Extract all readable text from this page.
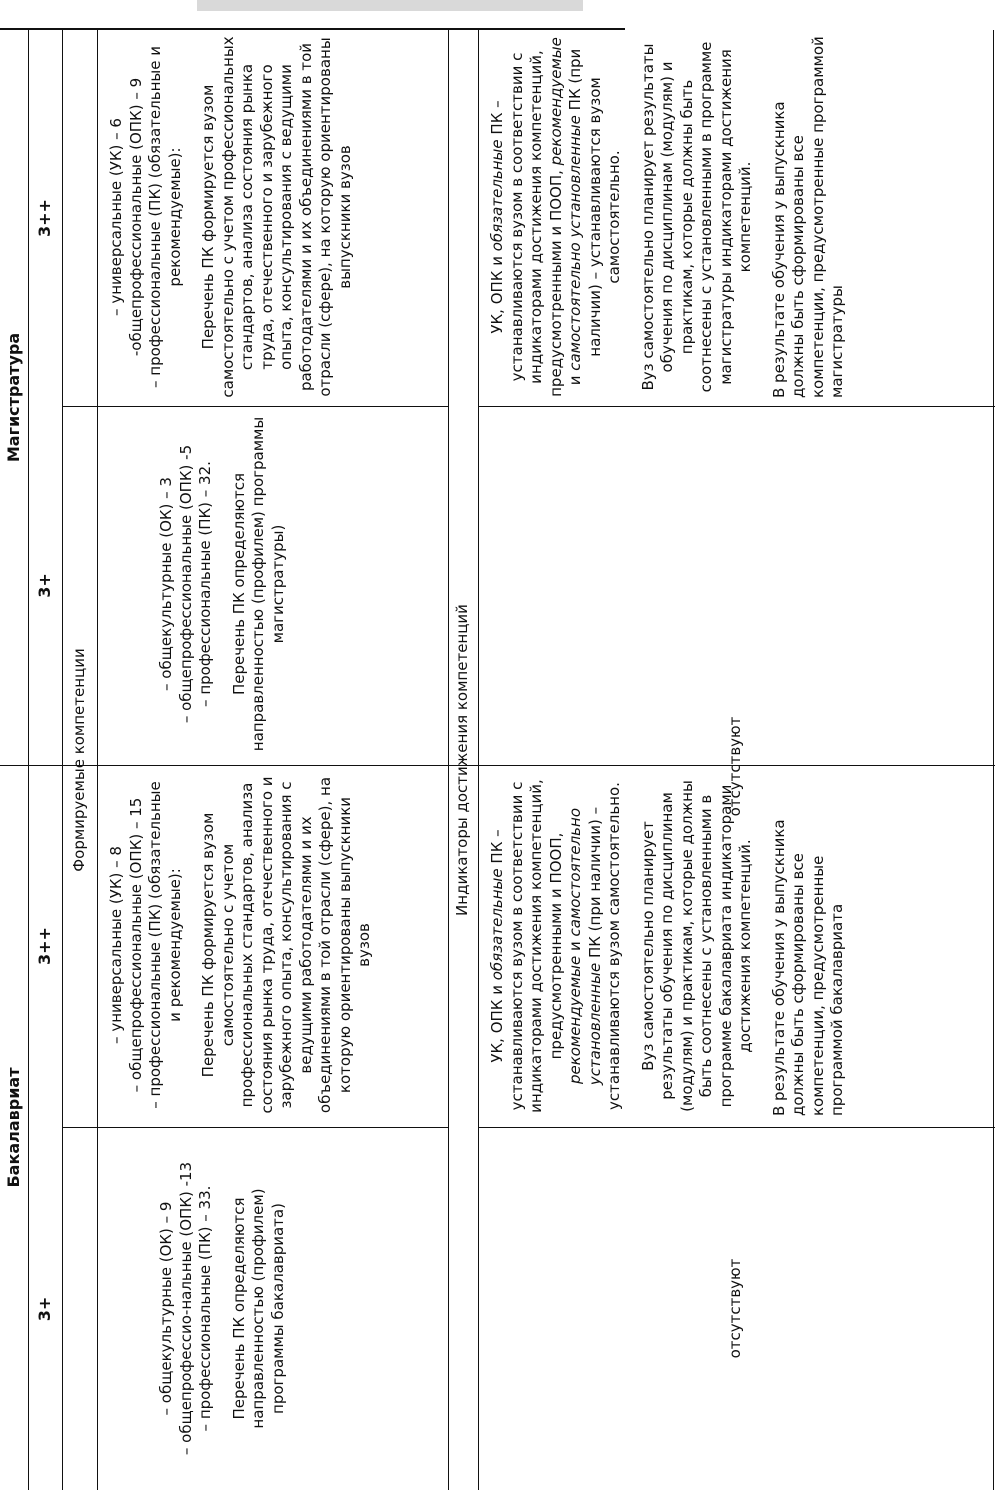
Бакалавриат
Магистратура
3+
3++
3+
3++
Формируемые компетенции
– общекультурные (ОК) – 9 – общепрофессио-нальные (ОПК) -13 – профессиональные (ПК) – 33. Перечень ПК определяются направленностью (профилем) программы бакалавриата)
– универсальные (УК) – 8 – общепрофессиональные (ОПК) – 15 – профессиональные (ПК) (обязательные и рекомендуемые): Перечень ПК формируется вузом самостоятельно с учетом профессиональных стандартов, анализа состояния рынка труда, отечественного и зарубежного опыта, консультирования с ведущими работодателями и их объединениями в той отрасли (сфере), на которую ориентированы выпускники вузов
– общекультурные (ОК) – 3 – общепрофессиональные (ОПК) -5 – профессиональные (ПК) – 32. Перечень ПК определяются направленностью (профилем) программы магистратуры)
– универсальные (УК) – 6 -общепрофессиональные (ОПК) – 9 – профессиональные (ПК) (обязательные и рекомендуемые): Перечень ПК формируется вузом самостоятельно с учетом профессиональных стандартов, анализа состояния рынка труда, отечественного и зарубежного опыта, консультирования с ведущими работодателями и их объединениями в той отрасли (сфере), на которую ориентированы выпускники вузов
Индикаторы достижения компетенций
отсутствуют
УК, ОПК и обязательные ПК – устанавливаются вузом в соответствии с индикаторами достижения компетенций, предусмотренными и ПООП, рекомендуемые и самостоятельно установленные ПК (при наличии) – устанавливаются вузом самостоятельно. Вуз самостоятельно планирует результаты обучения по дисциплинам (модулям) и практикам, которые должны быть соотнесены с установленными в программе бакалавриата индикаторами достижения компетенций. В результате обучения у выпускника должны быть сформированы все компетенции, предусмотренные программой бакалавриата
отсутствуют
УК, ОПК и обязательные ПК – устанавливаются вузом в соответствии с индикаторами достижения компетенций, предусмотренными и ПООП, рекомендуемые и самостоятельно установленные ПК (при наличии) – устанавливаются вузом самостоятельно. Вуз самостоятельно планирует результаты обучения по дисциплинам (модулям) и практикам, которые должны быть соотнесены с установленными в программе магистратуры индикаторами достижения компетенций. В результате обучения у выпускника должны быть сформированы все компетенции, предусмотренные программой магистратуры
